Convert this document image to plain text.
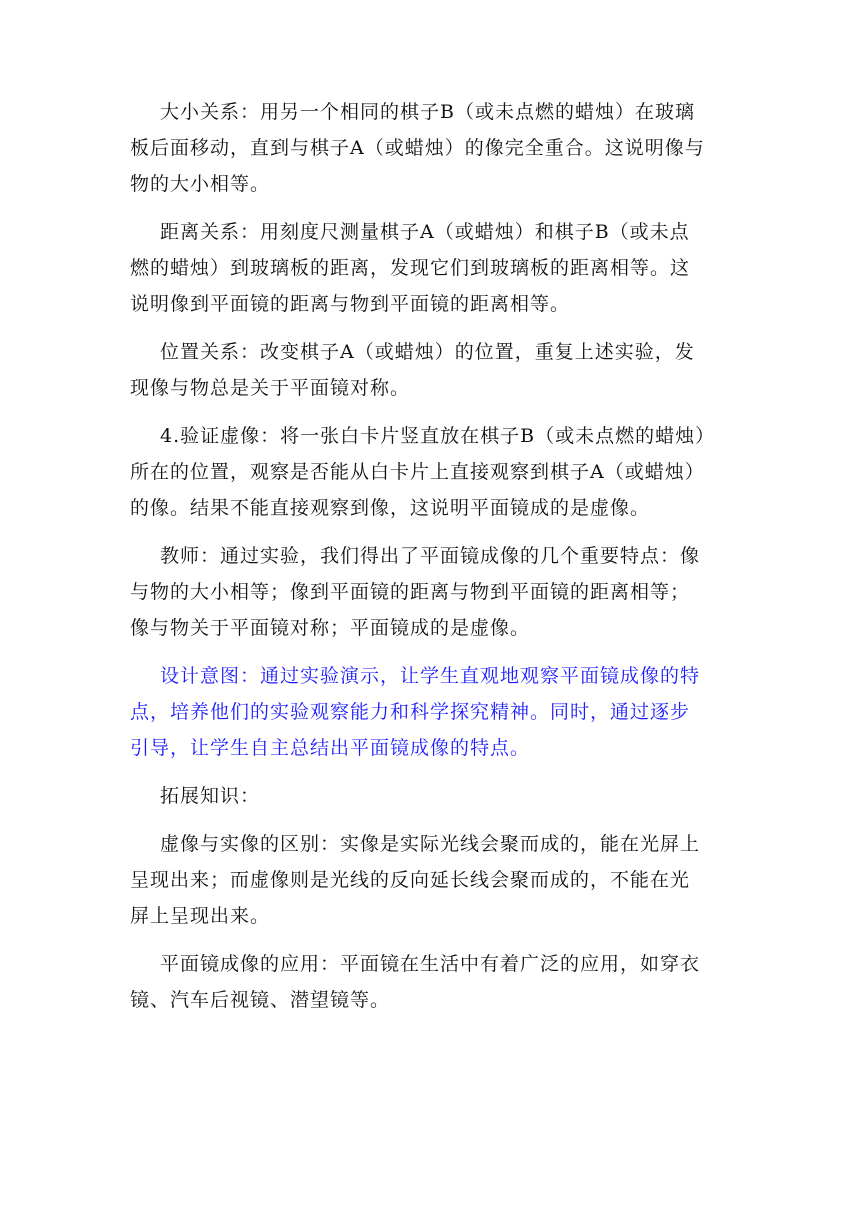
大小关系：用另一个相同的棋子B（或未点燃的蜡烛）在玻璃
板后面移动，直到与棋子A（或蜡烛）的像完全重合。这说明像与
物的大小相等。

距离关系：用刻度尺测量棋子A（或蜡烛）和棋子B（或未点
燃的蜡烛）到玻璃板的距离，发现它们到玻璃板的距离相等。这
说明像到平面镜的距离与物到平面镜的距离相等。

位置关系：改变棋子A（或蜡烛）的位置，重复上述实验，发
现像与物总是关于平面镜对称。

4.验证虚像：将一张白卡片竖直放在棋子B（或未点燃的蜡烛）
所在的位置，观察是否能从白卡片上直接观察到棋子A（或蜡烛）
的像。结果不能直接观察到像，这说明平面镜成的是虚像。

教师：通过实验，我们得出了平面镜成像的几个重要特点：像
与物的大小相等；像到平面镜的距离与物到平面镜的距离相等；
像与物关于平面镜对称；平面镜成的是虚像。

设计意图：通过实验演示，让学生直观地观察平面镜成像的特
点，培养他们的实验观察能力和科学探究精神。同时，通过逐步
引导，让学生自主总结出平面镜成像的特点。

拓展知识：

虚像与实像的区别：实像是实际光线会聚而成的，能在光屏上
呈现出来；而虚像则是光线的反向延长线会聚而成的，不能在光
屏上呈现出来。

平面镜成像的应用：平面镜在生活中有着广泛的应用，如穿衣
镜、汽车后视镜、潜望镜等。
